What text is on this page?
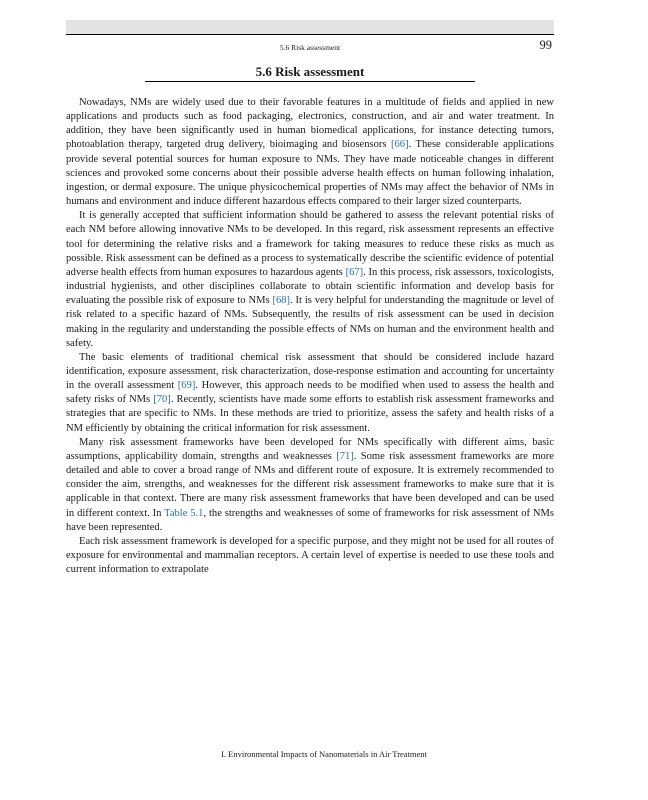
5.6 Risk assessment	99
5.6 Risk assessment

Nowadays, NMs are widely used due to their favorable features in a multitude of fields and applied in new applications and products such as food packaging, electronics, construction, and air and water treatment. In addition, they have been significantly used in human biomedical applications, for instance detecting tumors, photoablation therapy, targeted drug delivery, bioimaging and biosensors [66]. These considerable applications provide several potential sources for human exposure to NMs. They have made noticeable changes in different sciences and provoked some concerns about their possible adverse health effects on human following inhalation, ingestion, or dermal exposure. The unique physicochemical properties of NMs may affect the behavior of NMs in humans and environment and induce different hazardous effects compared to their larger sized counterparts.

It is generally accepted that sufficient information should be gathered to assess the relevant potential risks of each NM before allowing innovative NMs to be developed. In this regard, risk assessment represents an effective tool for determining the relative risks and a framework for taking measures to reduce these risks as much as possible. Risk assessment can be defined as a process to systematically describe the scientific evidence of potential adverse health effects from human exposures to hazardous agents [67]. In this process, risk assessors, toxicologists, industrial hygienists, and other disciplines collaborate to obtain scientific information and develop basis for evaluating the possible risk of exposure to NMs [68]. It is very helpful for understanding the magnitude or level of risk related to a specific hazard of NMs. Subsequently, the results of risk assessment can be used in decision making in the regularity and understanding the possible effects of NMs on human and the environment health and safety.

The basic elements of traditional chemical risk assessment that should be considered include hazard identification, exposure assessment, risk characterization, dose-response estimation and accounting for uncertainty in the overall assessment [69]. However, this approach needs to be modified when used to assess the health and safety risks of NMs [70]. Recently, scientists have made some efforts to establish risk assessment frameworks and strategies that are specific to NMs. In these methods are tried to prioritize, assess the safety and health risks of a NM efficiently by obtaining the critical information for risk assessment.

Many risk assessment frameworks have been developed for NMs specifically with different aims, basic assumptions, applicability domain, strengths and weaknesses [71]. Some risk assessment frameworks are more detailed and able to cover a broad range of NMs and different route of exposure. It is extremely recommended to consider the aim, strengths, and weaknesses for the different risk assessment frameworks to make sure that it is applicable in that context. There are many risk assessment frameworks that have been developed and can be used in different context. In Table 5.1, the strengths and weaknesses of some of frameworks for risk assessment of NMs have been represented.

Each risk assessment framework is developed for a specific purpose, and they might not be used for all routes of exposure for environmental and mammalian receptors. A certain level of expertise is needed to use these tools and current information to extrapolate

I. Environmental Impacts of Nanomaterials in Air Treatment
